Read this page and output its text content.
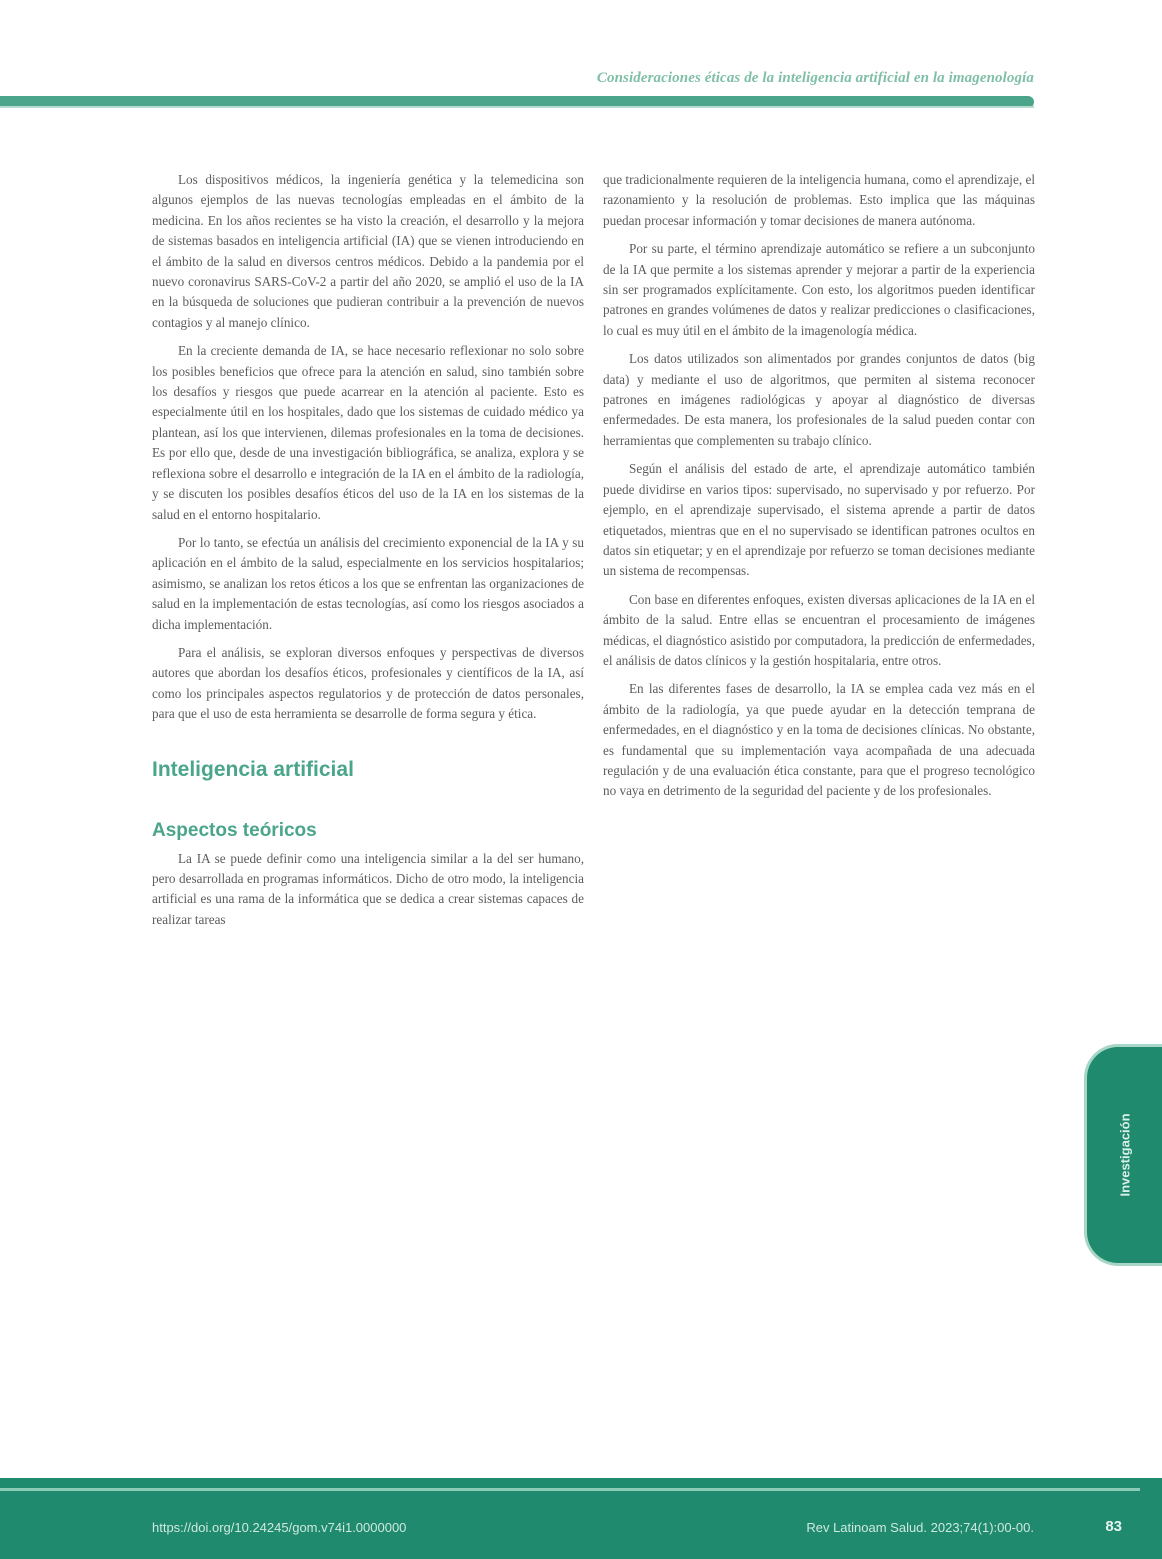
Consideraciones éticas de la inteligencia artificial en la imagenología

Los dispositivos médicos, la ingeniería genética y la telemedicina son algunos ejemplos de las nuevas tecnologías empleadas en el ámbito de la medicina. En los años recientes se ha visto la creación, el desarrollo y la mejora de sistemas basados en inteligencia artificial (IA) que se vienen introduciendo en el ámbito de la salud en diversos centros médicos. Debido a la pandemia por el nuevo coronavirus SARS-CoV-2 a partir del año 2020, se amplió el uso de la IA en la búsqueda de soluciones que pudieran contribuir a la prevención de nuevos contagios y al manejo clínico.

En la creciente demanda de IA, se hace necesario reflexionar no solo sobre los posibles beneficios que ofrece para la atención en salud, sino también sobre los desafíos y riesgos que puede acarrear en la atención al paciente. Esto es especialmente útil en los hospitales, dado que los sistemas de cuidado médico ya plantean, así los que intervienen, dilemas profesionales en la toma de decisiones. Es por ello que, desde de una investigación bibliográfica, se analiza, explora y se reflexiona sobre el desarrollo e integración de la IA en el ámbito de la radiología, y se discuten los posibles desafíos éticos del uso de la IA en los sistemas de la salud en el entorno hospitalario.

Por lo tanto, se efectúa un análisis del crecimiento exponencial de la IA y su aplicación en el ámbito de la salud, especialmente en los servicios hospitalarios; asimismo, se analizan los retos éticos a los que se enfrentan las organizaciones de salud en la implementación de estas tecnologías, así como los riesgos asociados a dicha implementación.

Para el análisis, se exploran diversos enfoques y perspectivas de diversos autores que abordan los desafíos éticos, profesionales y científicos de la IA, así como los principales aspectos regulatorios y de protección de datos personales, para que el uso de esta herramienta se desarrolle de forma segura y ética.

Inteligencia artificial
Aspectos teóricos

La IA se puede definir como una inteligencia similar a la del ser humano, pero desarrollada en programas informáticos. Dicho de otro modo, la inteligencia artificial es una rama de la informática que se dedica a crear sistemas capaces de realizar tareas

que tradicionalmente requieren de la inteligencia humana, como el aprendizaje, el razonamiento y la resolución de problemas. Esto implica que las máquinas puedan procesar información y tomar decisiones de manera autónoma.

Por su parte, el término aprendizaje automático se refiere a un subconjunto de la IA que permite a los sistemas aprender y mejorar a partir de la experiencia sin ser programados explícitamente. Con esto, los algoritmos pueden identificar patrones en grandes volúmenes de datos y realizar predicciones o clasificaciones, lo cual es muy útil en el ámbito de la imagenología médica.

Los datos utilizados son alimentados por grandes conjuntos de datos (big data) y mediante el uso de algoritmos, que permiten al sistema reconocer patrones en imágenes radiológicas y apoyar al diagnóstico de diversas enfermedades. De esta manera, los profesionales de la salud pueden contar con herramientas que complementen su trabajo clínico.

Según el análisis del estado de arte, el aprendizaje automático también puede dividirse en varios tipos: supervisado, no supervisado y por refuerzo. Por ejemplo, en el aprendizaje supervisado, el sistema aprende a partir de datos etiquetados, mientras que en el no supervisado se identifican patrones ocultos en datos sin etiquetar; y en el aprendizaje por refuerzo se toman decisiones mediante un sistema de recompensas.

Con base en diferentes enfoques, existen diversas aplicaciones de la IA en el ámbito de la salud. Entre ellas se encuentran el procesamiento de imágenes médicas, el diagnóstico asistido por computadora, la predicción de enfermedades, el análisis de datos clínicos y la gestión hospitalaria, entre otros.

En las diferentes fases de desarrollo, la IA se emplea cada vez más en el ámbito de la radiología, ya que puede ayudar en la detección temprana de enfermedades, en el diagnóstico y en la toma de decisiones clínicas. No obstante, es fundamental que su implementación vaya acompañada de una adecuada regulación y de una evaluación ética constante, para que el progreso tecnológico no vaya en detrimento de la seguridad del paciente y de los profesionales.

Investigación
https://doi.org/10.24245/gom.v74i1.0000000	Rev Latinoam Salud. 2023;74(1):00-00.	83
